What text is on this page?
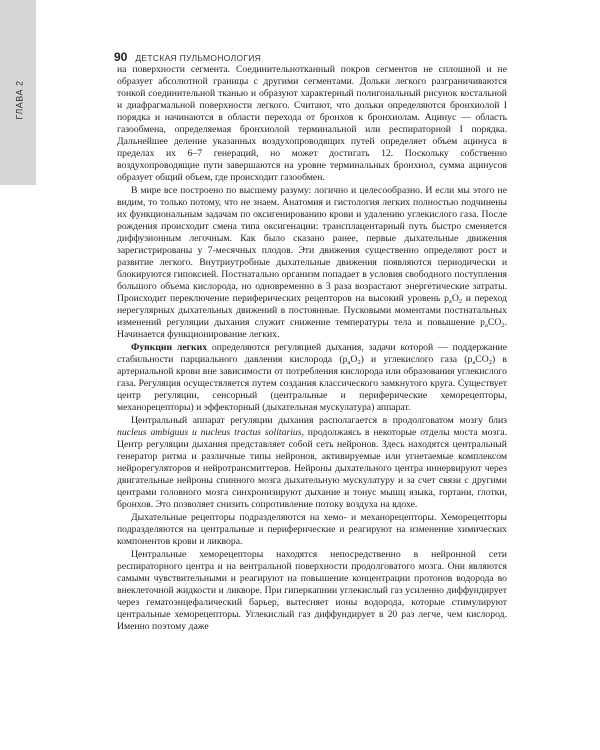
ГЛАВА 2
90 ДЕТСКАЯ ПУЛЬМОНОЛОГИЯ

на поверхности сегмента. Соединительнотканный покров сегментов не сплошной и не образует абсолютной границы с другими сегментами. Дольки легкого разграничиваются тонкой соединительной тканью и образуют характерный полигональный рисунок костальной и диафрагмальной поверхности легкого. Считают, что дольки определяются бронхиолой I порядка и начинаются в области перехода от бронхов к бронхиолам. Ацинус — область газообмена, определяемая бронхиолой терминальной или респираторной I порядка. Дальнейшее деление указанных воздухопроводящих путей определяет объем ацинуса в пределах их 6–7 генераций, но может достигать 12. Поскольку собственно воздухопроводящие пути завершаются на уровне терминальных бронхиол, сумма ацинусов образует общий объем, где происходит газообмен.

В мире все построено по высшему разуму: логично и целесообразно. И если мы этого не видим, то только потому, что не знаем. Анатомия и гистология легких полностью подчинены их функциональным задачам по оксигенированию крови и удалению углекислого газа. После рождения происходит смена типа оксигенации: трансплацентарный путь быстро сменяется диффузионным легочным. Как было сказано ранее, первые дыхательные движения зарегистрированы у 7-месячных плодов. Эти движения существенно определяют рост и развитие легкого. Внутриутробные дыхательные движения появляются периодически и блокируются гипоксией. Постнатально организм попадает в условия свободного поступления большого объема кислорода, но одновременно в 3 раза возрастают энергетические затраты. Происходит переключение периферических рецепторов на высокий уровень $p_aO_2$ и переход нерегулярных дыхательных движений в постоянные. Пусковыми моментами постнатальных изменений регуляции дыхания служит снижение температуры тела и повышение $p_aCO_2$. Начинается функционирование легких.

Функции легких определяются регуляцией дыхания, задачи которой — поддержание стабильности парциального давления кислорода $(p_aO_2)$ и углекислого газа $(p_aCO_2)$ в артериальной крови вне зависимости от потребления кислорода или образования углекислого газа. Регуляция осуществляется путем создания классического замкнутого круга. Существует центр регуляции, сенсорный (центральные и периферические хеморецепторы, механорецепторы) и эффекторный (дыхательная мускулатура) аппарат.

Центральный аппарат регуляции дыхания располагается в продолговатом мозгу близ nucleus ambiguus и nucleus tractus solitarius, продолжаясь в некоторые отделы моста мозга. Центр регуляции дыхания представляет собой сеть нейронов. Здесь находятся центральный генератор ритма и различные типы нейронов, активируемые или угнетаемые комплексом нейрорегуляторов и нейротрансмиттеров. Нейроны дыхательного центра иннервируют через двигательные нейроны спинного мозга дыхательную мускулатуру и за счет связи с другими центрами головного мозга синхронизируют дыхание и тонус мышц языка, гортани, глотки, бронхов. Это позволяет снизить сопротивление потоку воздуха на вдохе.

Дыхательные рецепторы подразделяются на хемо- и механорецепторы. Хеморецепторы подразделяются на центральные и периферические и реагируют на изменение химических компонентов крови и ликвора.

Центральные хеморецепторы находятся непосредственно в нейронной сети респираторного центра и на вентральной поверхности продолговатого мозга. Они являются самыми чувствительными и реагируют на повышение концентрации протонов водорода во внеклеточной жидкости и ликворе. При гиперкапнии углекислый газ усиленно диффундирует через гематоэнцефалический барьер, вытесняет ионы водорода, которые стимулируют центральные хеморецепторы. Углекислый газ диффундирует в 20 раз легче, чем кислород. Именно поэтому даже
